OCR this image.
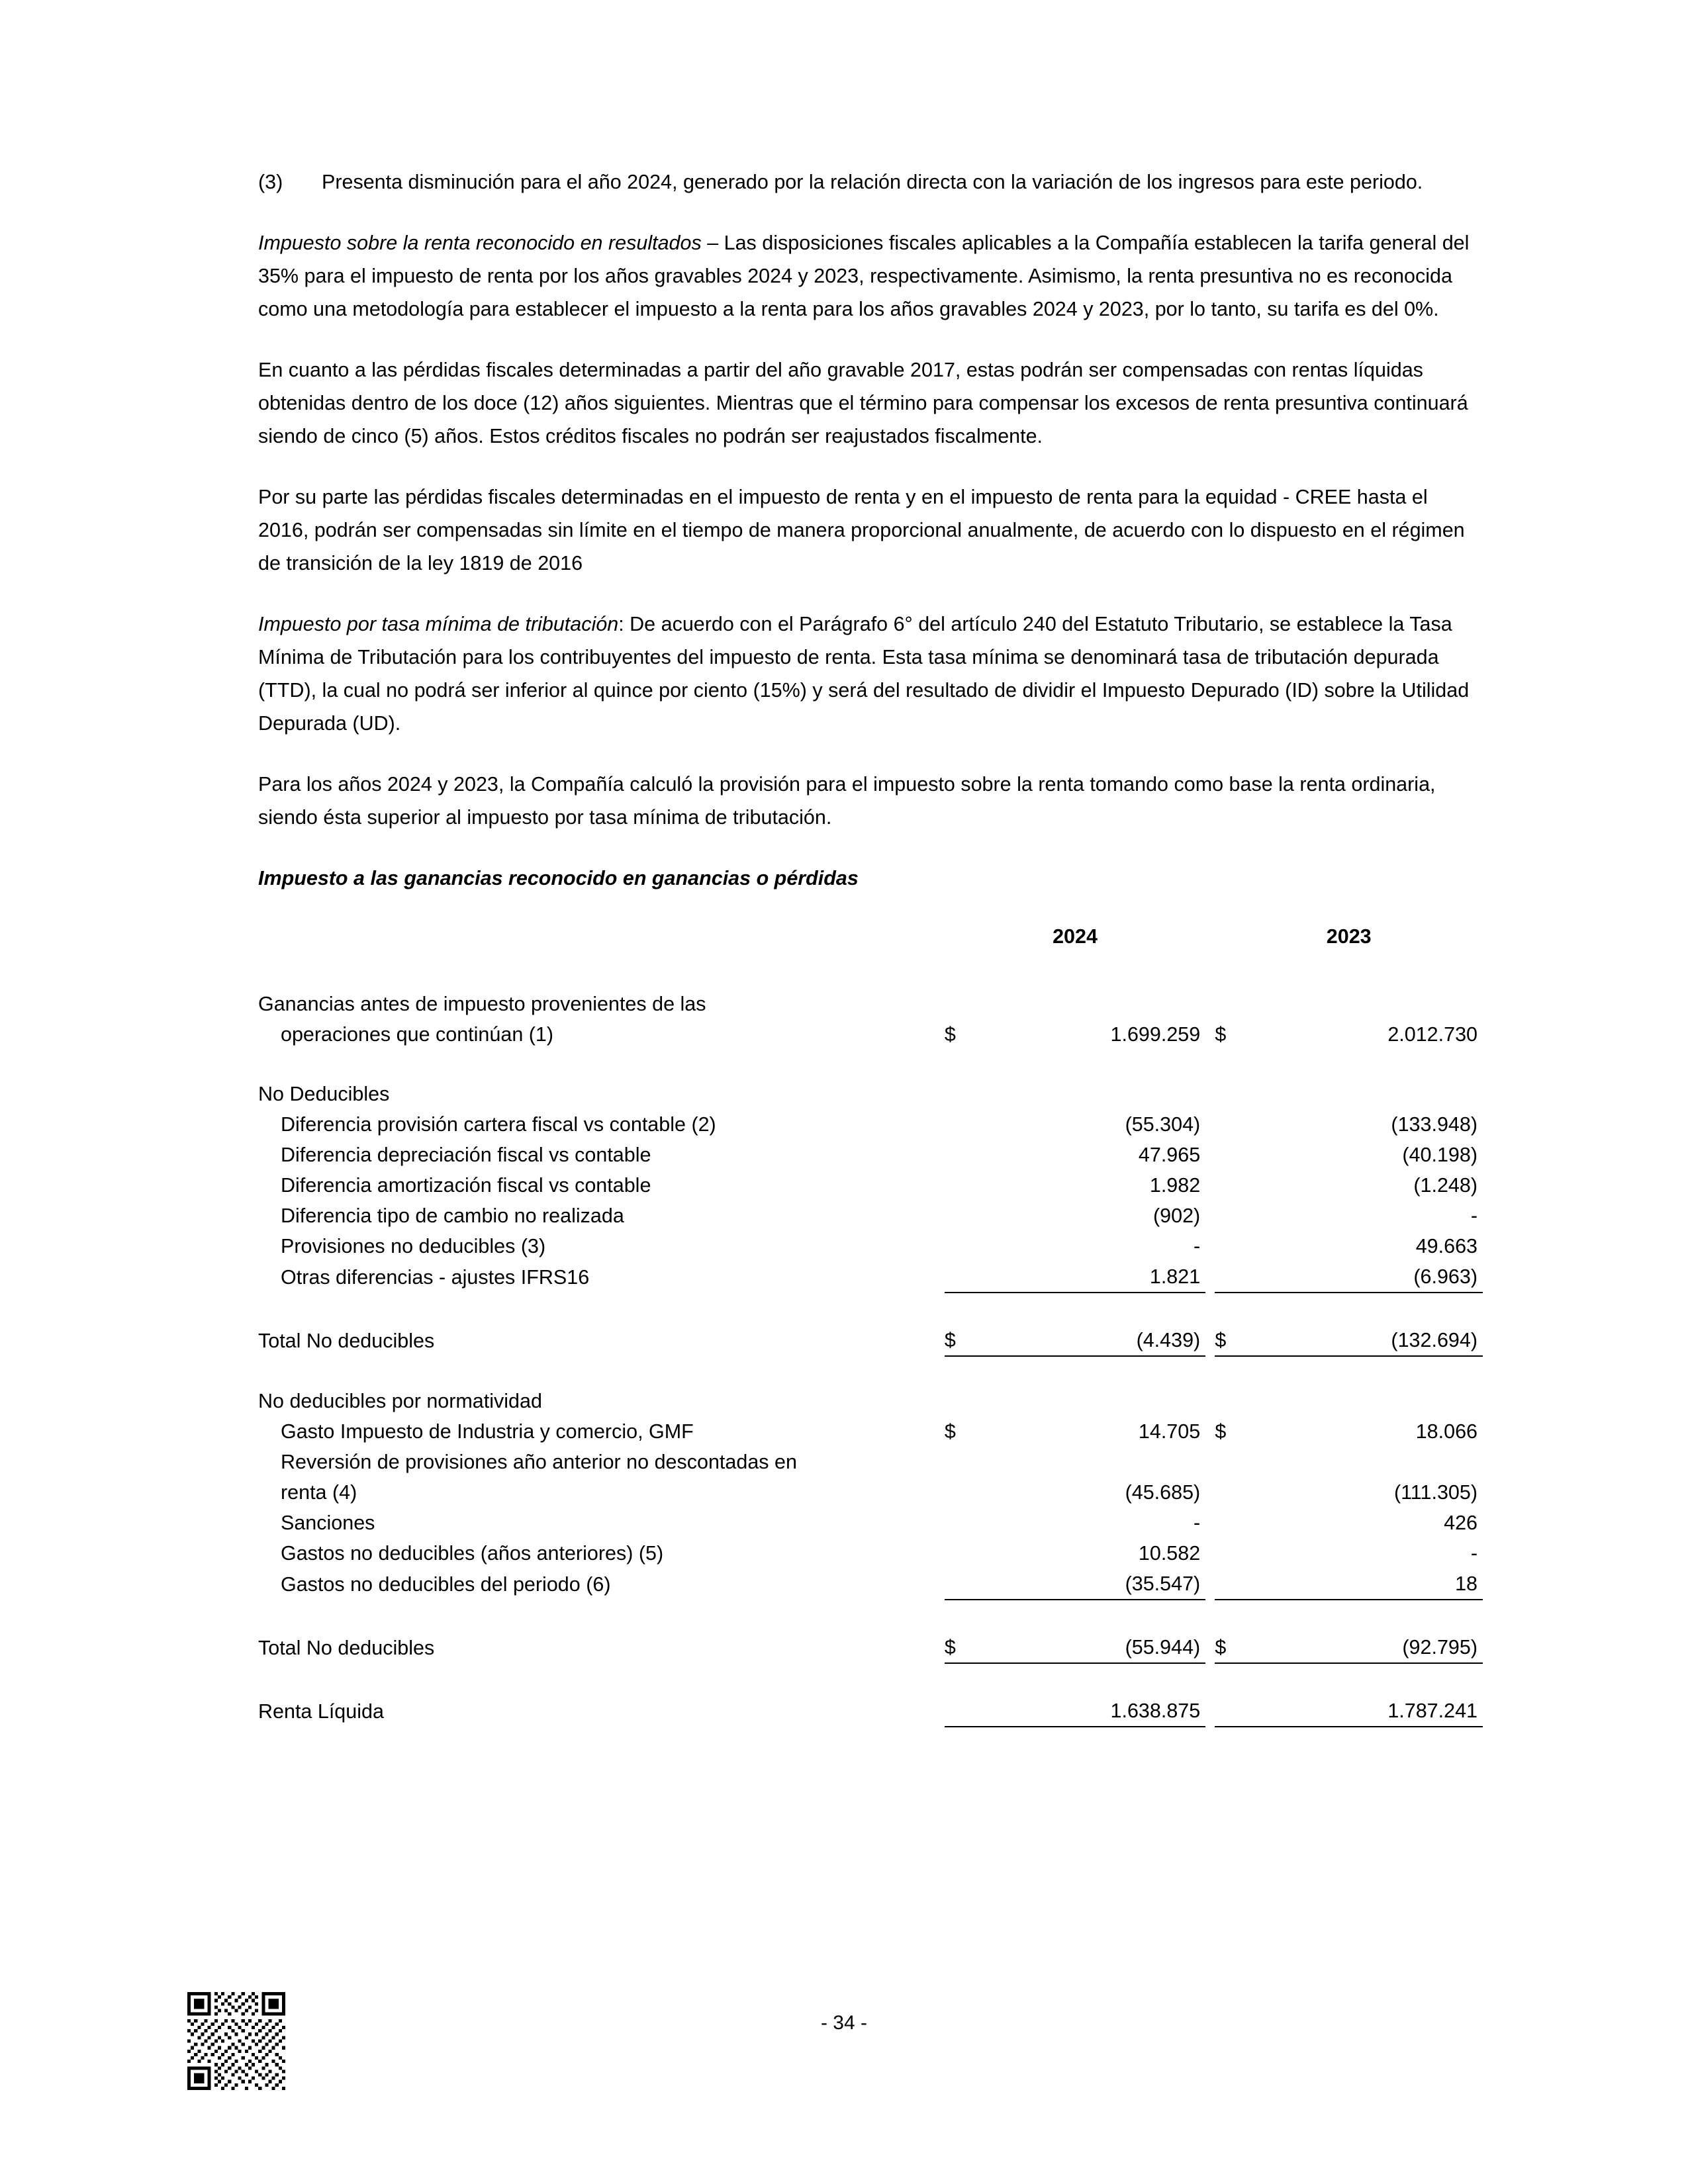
(3) Presenta disminución para el año 2024, generado por la relación directa con la variación de los ingresos para este periodo.

Impuesto sobre la renta reconocido en resultados – Las disposiciones fiscales aplicables a la Compañía establecen la tarifa general del 35% para el impuesto de renta por los años gravables 2024 y 2023, respectivamente. Asimismo, la renta presuntiva no es reconocida como una metodología para establecer el impuesto a la renta para los años gravables 2024 y 2023, por lo tanto, su tarifa es del 0%.

En cuanto a las pérdidas fiscales determinadas a partir del año gravable 2017, estas podrán ser compensadas con rentas líquidas obtenidas dentro de los doce (12) años siguientes. Mientras que el término para compensar los excesos de renta presuntiva continuará siendo de cinco (5) años. Estos créditos fiscales no podrán ser reajustados fiscalmente.

Por su parte las pérdidas fiscales determinadas en el impuesto de renta y en el impuesto de renta para la equidad - CREE hasta el 2016, podrán ser compensadas sin límite en el tiempo de manera proporcional anualmente, de acuerdo con lo dispuesto en el régimen de transición de la ley 1819 de 2016

Impuesto por tasa mínima de tributación: De acuerdo con el Parágrafo 6° del artículo 240 del Estatuto Tributario, se establece la Tasa Mínima de Tributación para los contribuyentes del impuesto de renta. Esta tasa mínima se denominará tasa de tributación depurada (TTD), la cual no podrá ser inferior al quince por ciento (15%) y será del resultado de dividir el Impuesto Depurado (ID) sobre la Utilidad Depurada (UD).

Para los años 2024 y 2023, la Compañía calculó la provisión para el impuesto sobre la renta tomando como base la renta ordinaria, siendo ésta superior al impuesto por tasa mínima de tributación.

Impuesto a las ganancias reconocido en ganancias o pérdidas
	2024			2023	
Ganancias antes de impuesto provenientes de las					
operaciones que continúan (1)	$	1.699.259		$	2.012.730

No Deducibles					
Diferencia provisión cartera fiscal vs contable (2)		(55.304)			(133.948)
Diferencia depreciación fiscal vs contable		47.965			(40.198)
Diferencia amortización fiscal vs contable		1.982			(1.248)
Diferencia tipo de cambio no realizada		(902)			-
Provisiones no deducibles (3)		-			49.663
Otras diferencias - ajustes IFRS16		1.821			(6.963)

Total No deducibles	$	(4.439)		$	(132.694)

No deducibles por normatividad					
Gasto Impuesto de Industria y comercio, GMF	$	14.705		$	18.066
Reversión de provisiones año anterior no descontadas en					
renta (4)		(45.685)			(111.305)
Sanciones		-			426
Gastos no deducibles (años anteriores) (5)		10.582			-
Gastos no deducibles del periodo (6)		(35.547)			18

Total No deducibles	$	(55.944)		$	(92.795)

Renta Líquida		1.638.875			1.787.241
- 34 -
